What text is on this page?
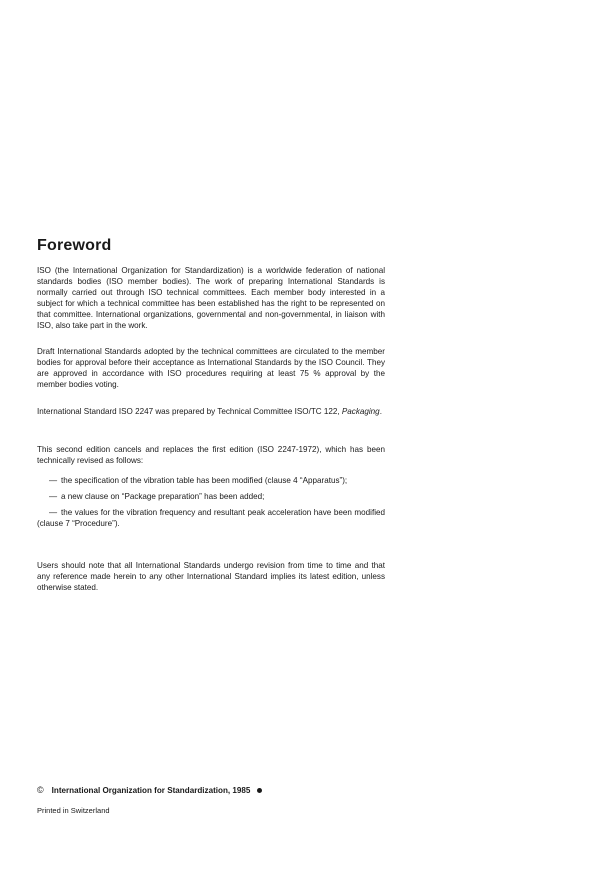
Foreword

ISO (the International Organization for Standardization) is a worldwide federation of national standards bodies (ISO member bodies). The work of preparing International Standards is normally carried out through ISO technical committees. Each member body interested in a subject for which a technical committee has been established has the right to be represented on that committee. International organizations, governmental and non-governmental, in liaison with ISO, also take part in the work.

Draft International Standards adopted by the technical committees are circulated to the member bodies for approval before their acceptance as International Standards by the ISO Council. They are approved in accordance with ISO procedures requiring at least 75 % approval by the member bodies voting.

International Standard ISO 2247 was prepared by Technical Committee ISO/TC 122, Packaging.

This second edition cancels and replaces the first edition (ISO 2247-1972), which has been technically revised as follows:

— the specification of the vibration table has been modified (clause 4 “Apparatus”);
— a new clause on “Package preparation” has been added;
— the values for the vibration frequency and resultant peak acceleration have been modified (clause 7 “Procedure”).

Users should note that all International Standards undergo revision from time to time and that any reference made herein to any other International Standard implies its latest edition, unless otherwise stated.

© International Organization for Standardization, 1985

Printed in Switzerland
